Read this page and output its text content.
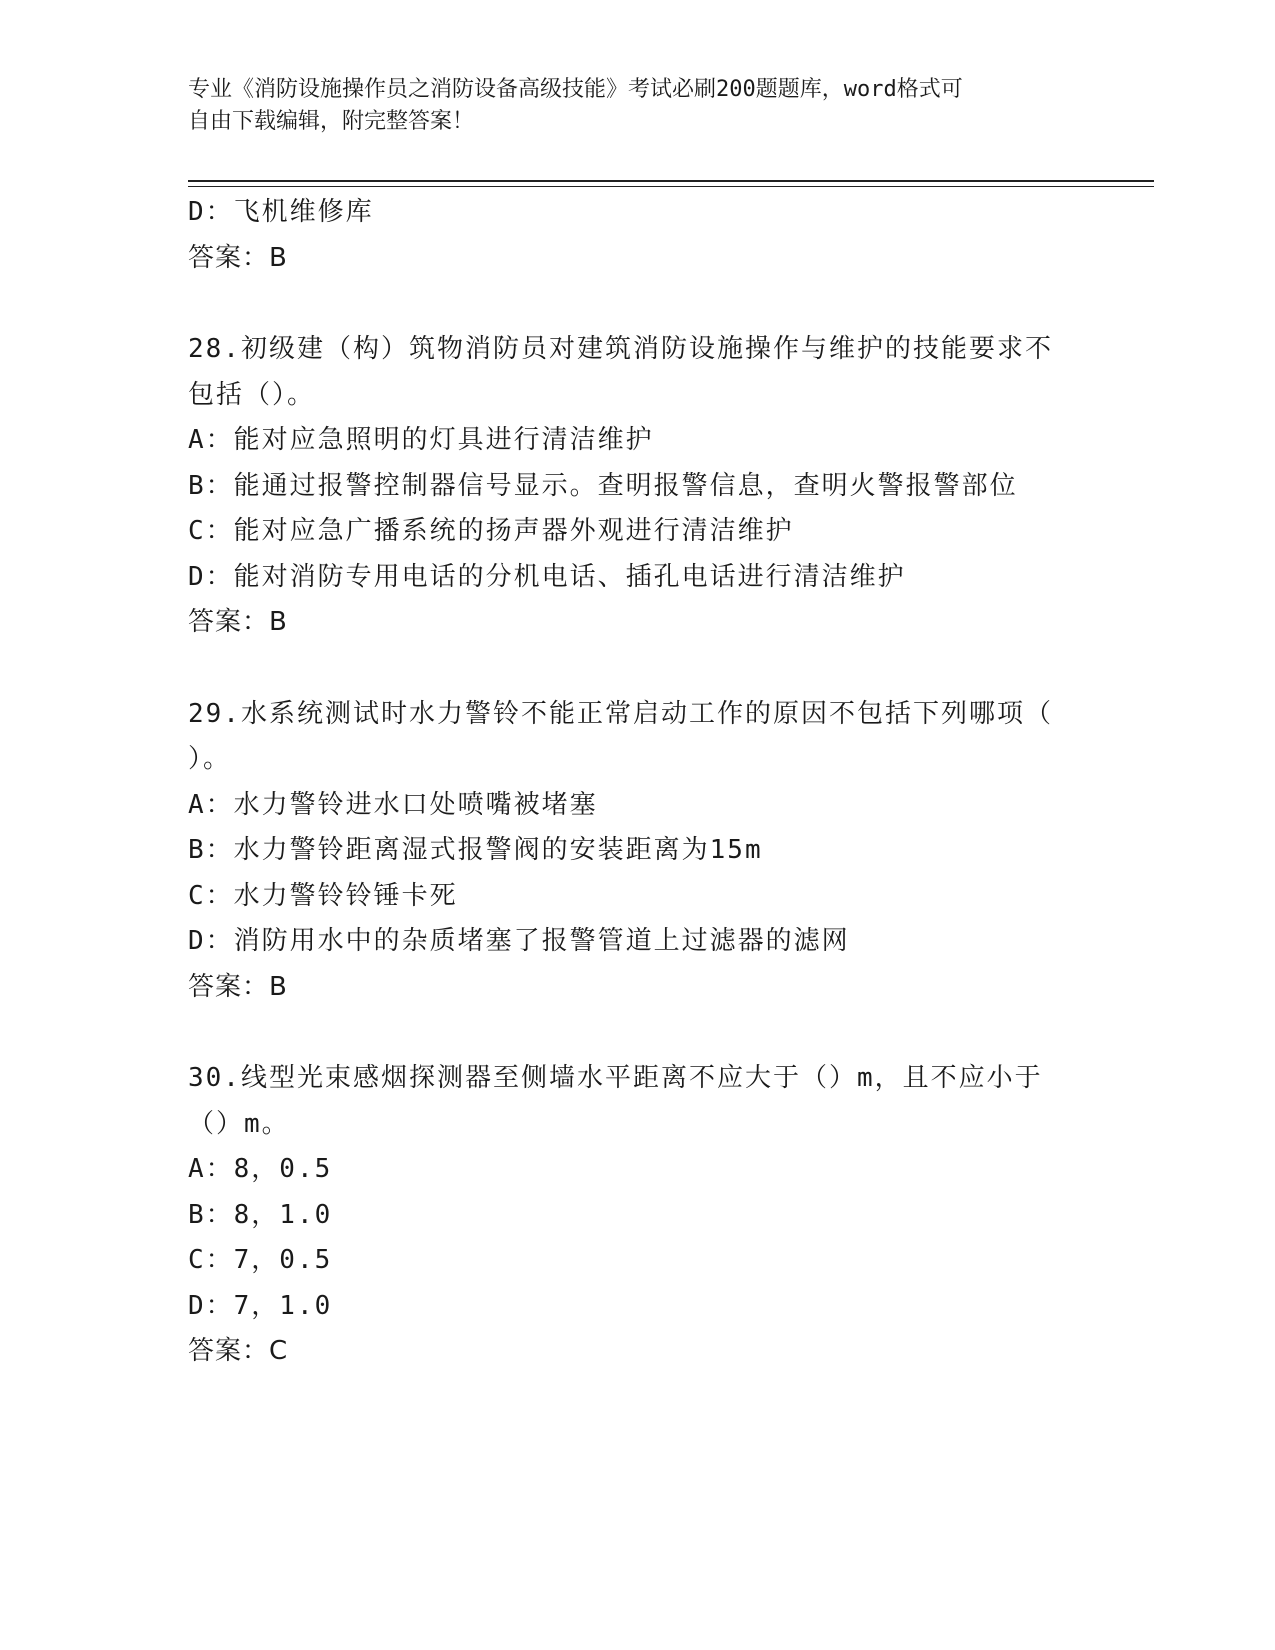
专业《消防设施操作员之消防设备高级技能》考试必刷200题题库，word格式可
自由下载编辑，附完整答案！

D：飞机维修库

答案：B

28.初级建（构）筑物消防员对建筑消防设施操作与维护的技能要求不

包括（）。

A：能对应急照明的灯具进行清洁维护

B：能通过报警控制器信号显示。查明报警信息，查明火警报警部位

C：能对应急广播系统的扬声器外观进行清洁维护

D：能对消防专用电话的分机电话、插孔电话进行清洁维护

答案：B

29.水系统测试时水力警铃不能正常启动工作的原因不包括下列哪项（

）。

A：水力警铃进水口处喷嘴被堵塞

B：水力警铃距离湿式报警阀的安装距离为15m

C：水力警铃铃锤卡死

D：消防用水中的杂质堵塞了报警管道上过滤器的滤网

答案：B

30.线型光束感烟探测器至侧墙水平距离不应大于（）m，且不应小于

（）m。

A：8，0.5

B：8，1.0

C：7，0.5

D：7，1.0

答案：C
